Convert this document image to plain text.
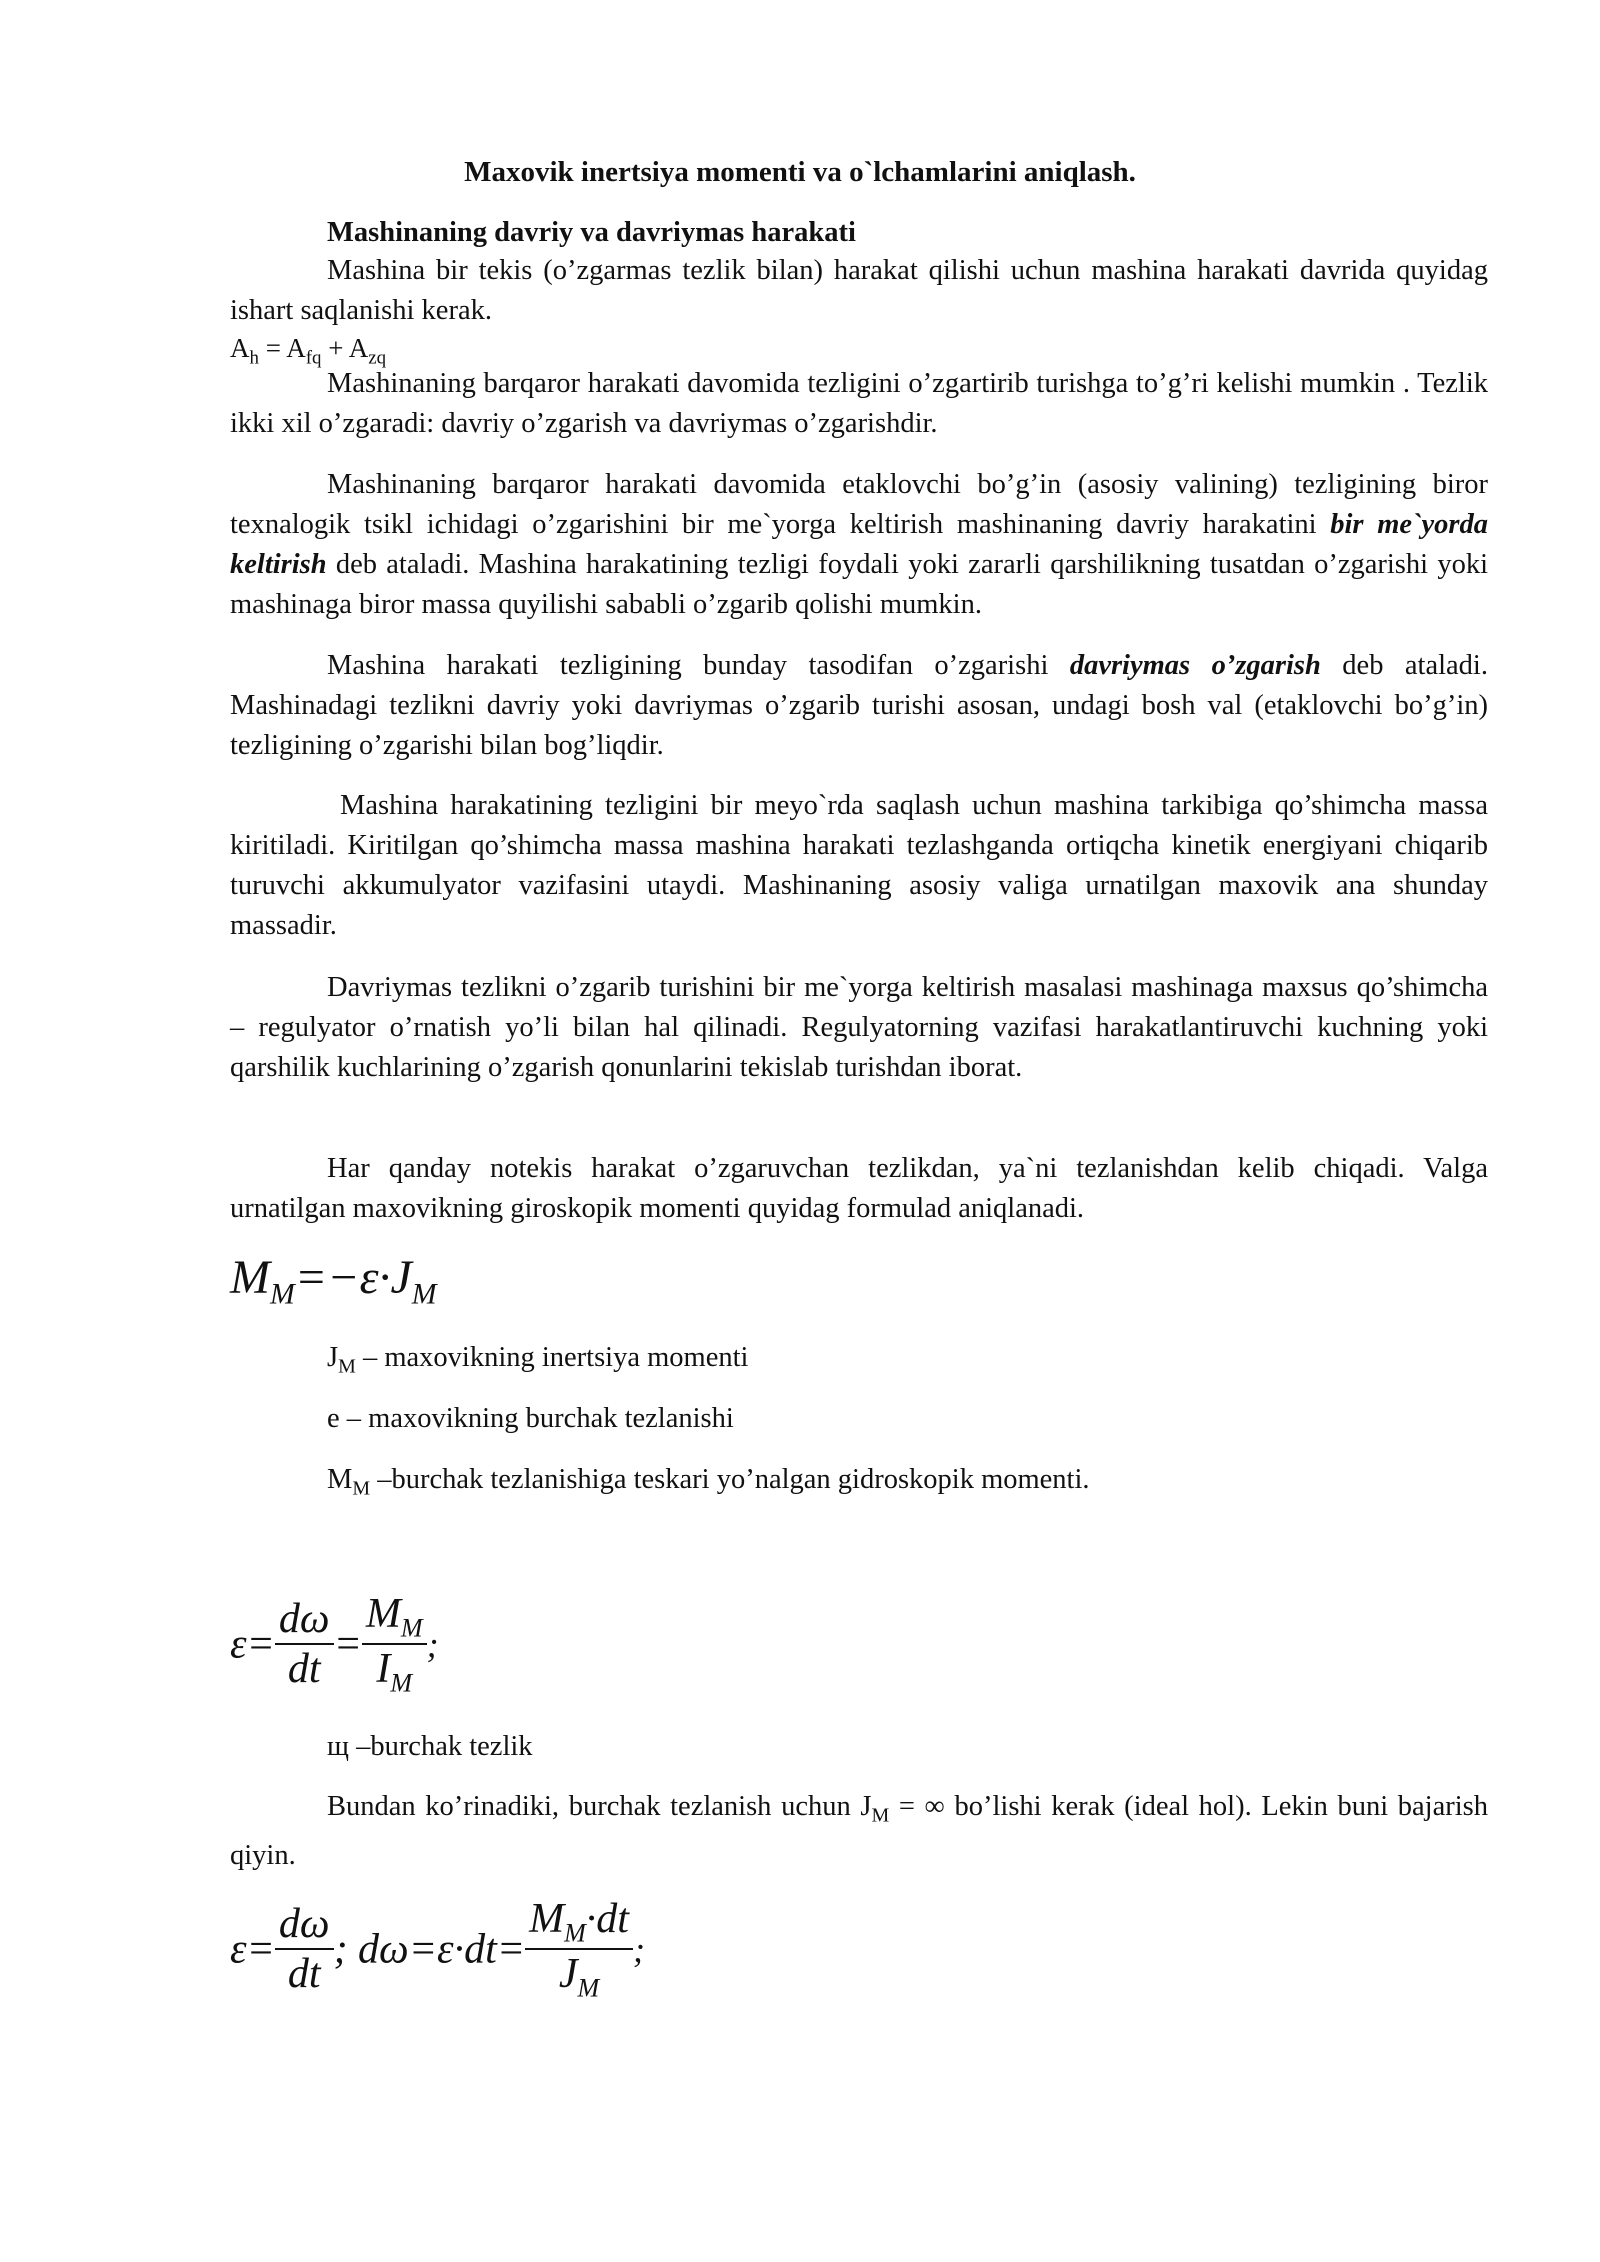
Maxovik inertsiya momenti va o`lchamlarini aniqlash.

Mashinaning davriy va davriymas harakati

Mashina bir tekis (o’zgarmas tezlik bilan) harakat qilishi uchun mashina harakati davrida quyidag ishart saqlanishi kerak.

$A_h = A_{fq} + A_{zq}$

Mashinaning barqaror harakati davomida tezligini o’zgartirib turishga to’g’ri kelishi mumkin . Tezlik ikki xil o’zgaradi: davriy o’zgarish va davriymas o’zgarishdir.

Mashinaning barqaror harakati davomida etaklovchi bo’g’in (asosiy valining) tezligining biror texnalogik tsikl ichidagi o’zgarishini bir me`yorga keltirish mashinaning davriy harakatini bir me`yorda keltirish deb ataladi. Mashina harakatining tezligi foydali yoki zararli qarshilikning tusatdan o’zgarishi yoki mashinaga biror massa quyilishi sababli o’zgarib qolishi mumkin.

Mashina harakati tezligining bunday tasodifan o’zgarishi davriymas o’zgarish deb ataladi. Mashinadagi tezlikni davriy yoki davriymas o’zgarib turishi asosan, undagi bosh val (etaklovchi bo’g’in) tezligining o’zgarishi bilan bog’liqdir.

Mashina harakatining tezligini bir meyo`rda saqlash uchun mashina tarkibiga qo’shimcha massa kiritiladi. Kiritilgan qo’shimcha massa mashina harakati tezlashganda ortiqcha kinetik energiyani chiqarib turuvchi akkumulyator vazifasini utaydi. Mashinaning asosiy valiga urnatilgan maxovik ana shunday massadir.

Davriymas tezlikni o’zgarib turishini bir me`yorga keltirish masalasi mashinaga maxsus qo’shimcha – regulyator o’rnatish yo’li bilan hal qilinadi. Regulyatorning vazifasi harakatlantiruvchi kuchning yoki qarshilik kuchlarining o’zgarish qonunlarini tekislab turishdan iborat.

Har qanday notekis harakat o’zgaruvchan tezlikdan, ya`ni tezlanishdan kelib chiqadi. Valga urnatilgan maxovikning giroskopik momenti quyidag formulad aniqlanadi.

$M_M=-\varepsilon\cdot J_M$
$J_M$ – maxovikning inertsiya momenti
e – maxovikning burchak tezlanishi
$M_M$ –burchak tezlanishiga teskari yo’nalgan gidroskopik momenti.
$\varepsilon= \frac{d\omega}{dt} = \frac{M_M}{I_M}$ ;
щ –burchak tezlik

Bundan ko’rinadiki, burchak tezlanish uchun $J_M$ = ∞ bo’lishi kerak (ideal hol). Lekin buni bajarish qiyin.

$\varepsilon= \frac{d\omega}{dt}$ ; $d\omega=\varepsilon\cdot dt= \frac{M_M\cdot dt}{J_M}$ ;
